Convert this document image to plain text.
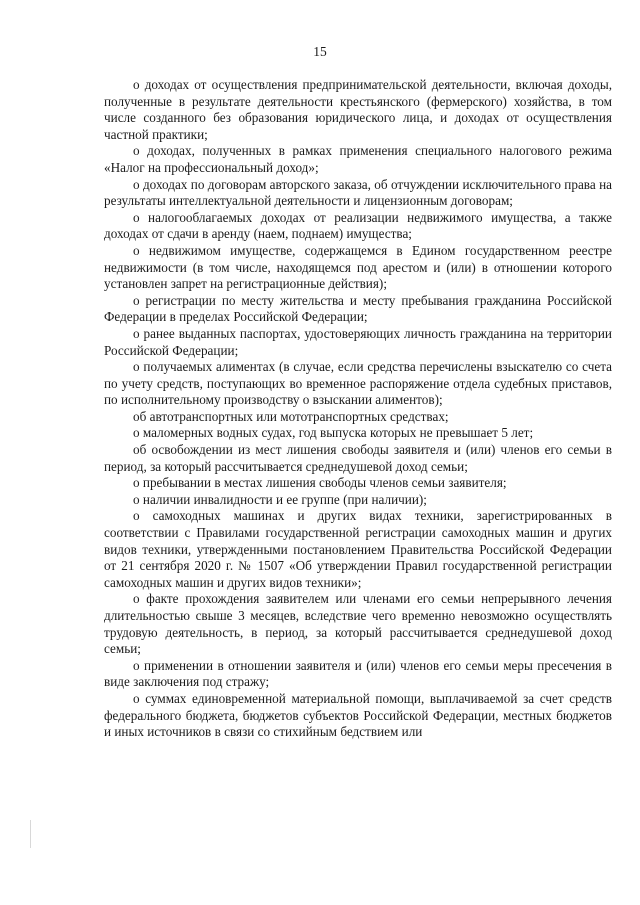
15

о доходах от осуществления предпринимательской деятельности, включая доходы, полученные в результате деятельности крестьянского (фермерского) хозяйства, в том числе созданного без образования юридического лица, и доходах от осуществления частной практики;

о доходах, полученных в рамках применения специального налогового режима «Налог на профессиональный доход»;

о доходах по договорам авторского заказа, об отчуждении исключительного права на результаты интеллектуальной деятельности и лицензионным договорам;

о налогооблагаемых доходах от реализации недвижимого имущества, а также доходах от сдачи в аренду (наем, поднаем) имущества;

о недвижимом имуществе, содержащемся в Едином государственном реестре недвижимости (в том числе, находящемся под арестом и (или) в отношении которого установлен запрет на регистрационные действия);

о регистрации по месту жительства и месту пребывания гражданина Российской Федерации в пределах Российской Федерации;

о ранее выданных паспортах, удостоверяющих личность гражданина на территории Российской Федерации;

о получаемых алиментах (в случае, если средства перечислены взыскателю со счета по учету средств, поступающих во временное распоряжение отдела судебных приставов, по исполнительному производству о взыскании алиментов);

об автотранспортных или мототранспортных средствах;

о маломерных водных судах, год выпуска которых не превышает 5 лет;

об освобождении из мест лишения свободы заявителя и (или) членов его семьи в период, за который рассчитывается среднедушевой доход семьи;

о пребывании в местах лишения свободы членов семьи заявителя;

о наличии инвалидности и ее группе (при наличии);

о самоходных машинах и других видах техники, зарегистрированных в соответствии с Правилами государственной регистрации самоходных машин и других видов техники, утвержденными постановлением Правительства Российской Федерации от 21 сентября 2020 г. № 1507 «Об утверждении Правил государственной регистрации самоходных машин и других видов техники»;

о факте прохождения заявителем или членами его семьи непрерывного лечения длительностью свыше 3 месяцев, вследствие чего временно невозможно осуществлять трудовую деятельность, в период, за который рассчитывается среднедушевой доход семьи;

о применении в отношении заявителя и (или) членов его семьи меры пресечения в виде заключения под стражу;

о суммах единовременной материальной помощи, выплачиваемой за счет средств федерального бюджета, бюджетов субъектов Российской Федерации, местных бюджетов и иных источников в связи со стихийным бедствием или
